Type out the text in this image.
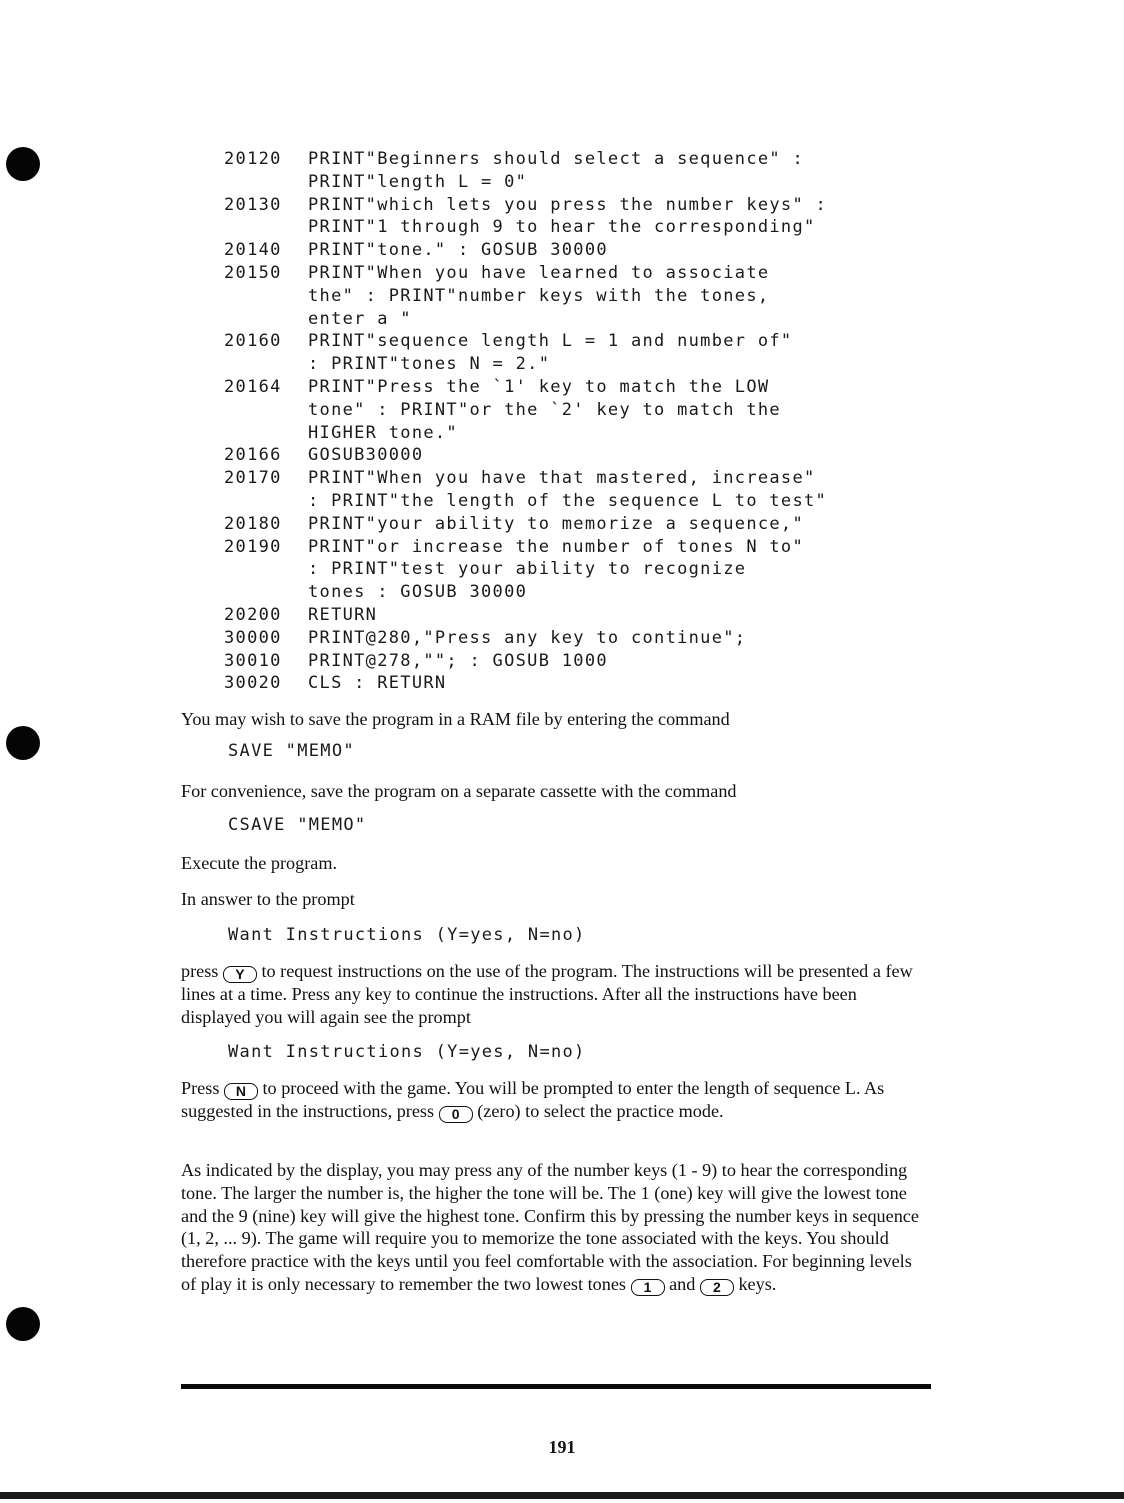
20120	PRINT"Beginners should select a sequence" :
PRINT"length L = 0"
20130	PRINT"which lets you press the number keys" :
PRINT"1 through 9 to hear the corresponding"
20140	PRINT"tone." : GOSUB 30000
20150	PRINT"When you have learned to associate
the" : PRINT"number keys with the tones,
enter a "
20160	PRINT"sequence length L = 1 and number of"
: PRINT"tones N = 2."
20164	PRINT"Press the `1' key to match the LOW
tone" : PRINT"or the `2' key to match the
HIGHER tone."
20166	GOSUB30000
20170	PRINT"When you have that mastered, increase"
: PRINT"the length of the sequence L to test"
20180	PRINT"your ability to memorize a sequence,"
20190	PRINT"or increase the number of tones N to"
: PRINT"test your ability to recognize
tones : GOSUB 30000
20200	RETURN
30000	PRINT@280,"Press any key to continue";
30010	PRINT@278,""; : GOSUB 1000
30020	CLS : RETURN

You may wish to save the program in a RAM file by entering the command

SAVE "MEMO"

For convenience, save the program on a separate cassette with the command

CSAVE "MEMO"

Execute the program.

In answer to the prompt

Want Instructions (Y=yes, N=no)

press Y to request instructions on the use of the program. The instructions will be presented a few lines at a time. Press any key to continue the instructions. After all the instructions have been displayed you will again see the prompt

Want Instructions (Y=yes, N=no)

Press N to proceed with the game. You will be prompted to enter the length of sequence L. As suggested in the instructions, press 0 (zero) to select the practice mode.

As indicated by the display, you may press any of the number keys (1 - 9) to hear the corresponding tone. The larger the number is, the higher the tone will be. The 1 (one) key will give the lowest tone and the 9 (nine) key will give the highest tone. Confirm this by pressing the number keys in sequence (1, 2, ... 9). The game will require you to memorize the tone associated with the keys. You should therefore practice with the keys until you feel comfortable with the association. For beginning levels of play it is only necessary to remember the two lowest tones 1 and 2 keys.

191
